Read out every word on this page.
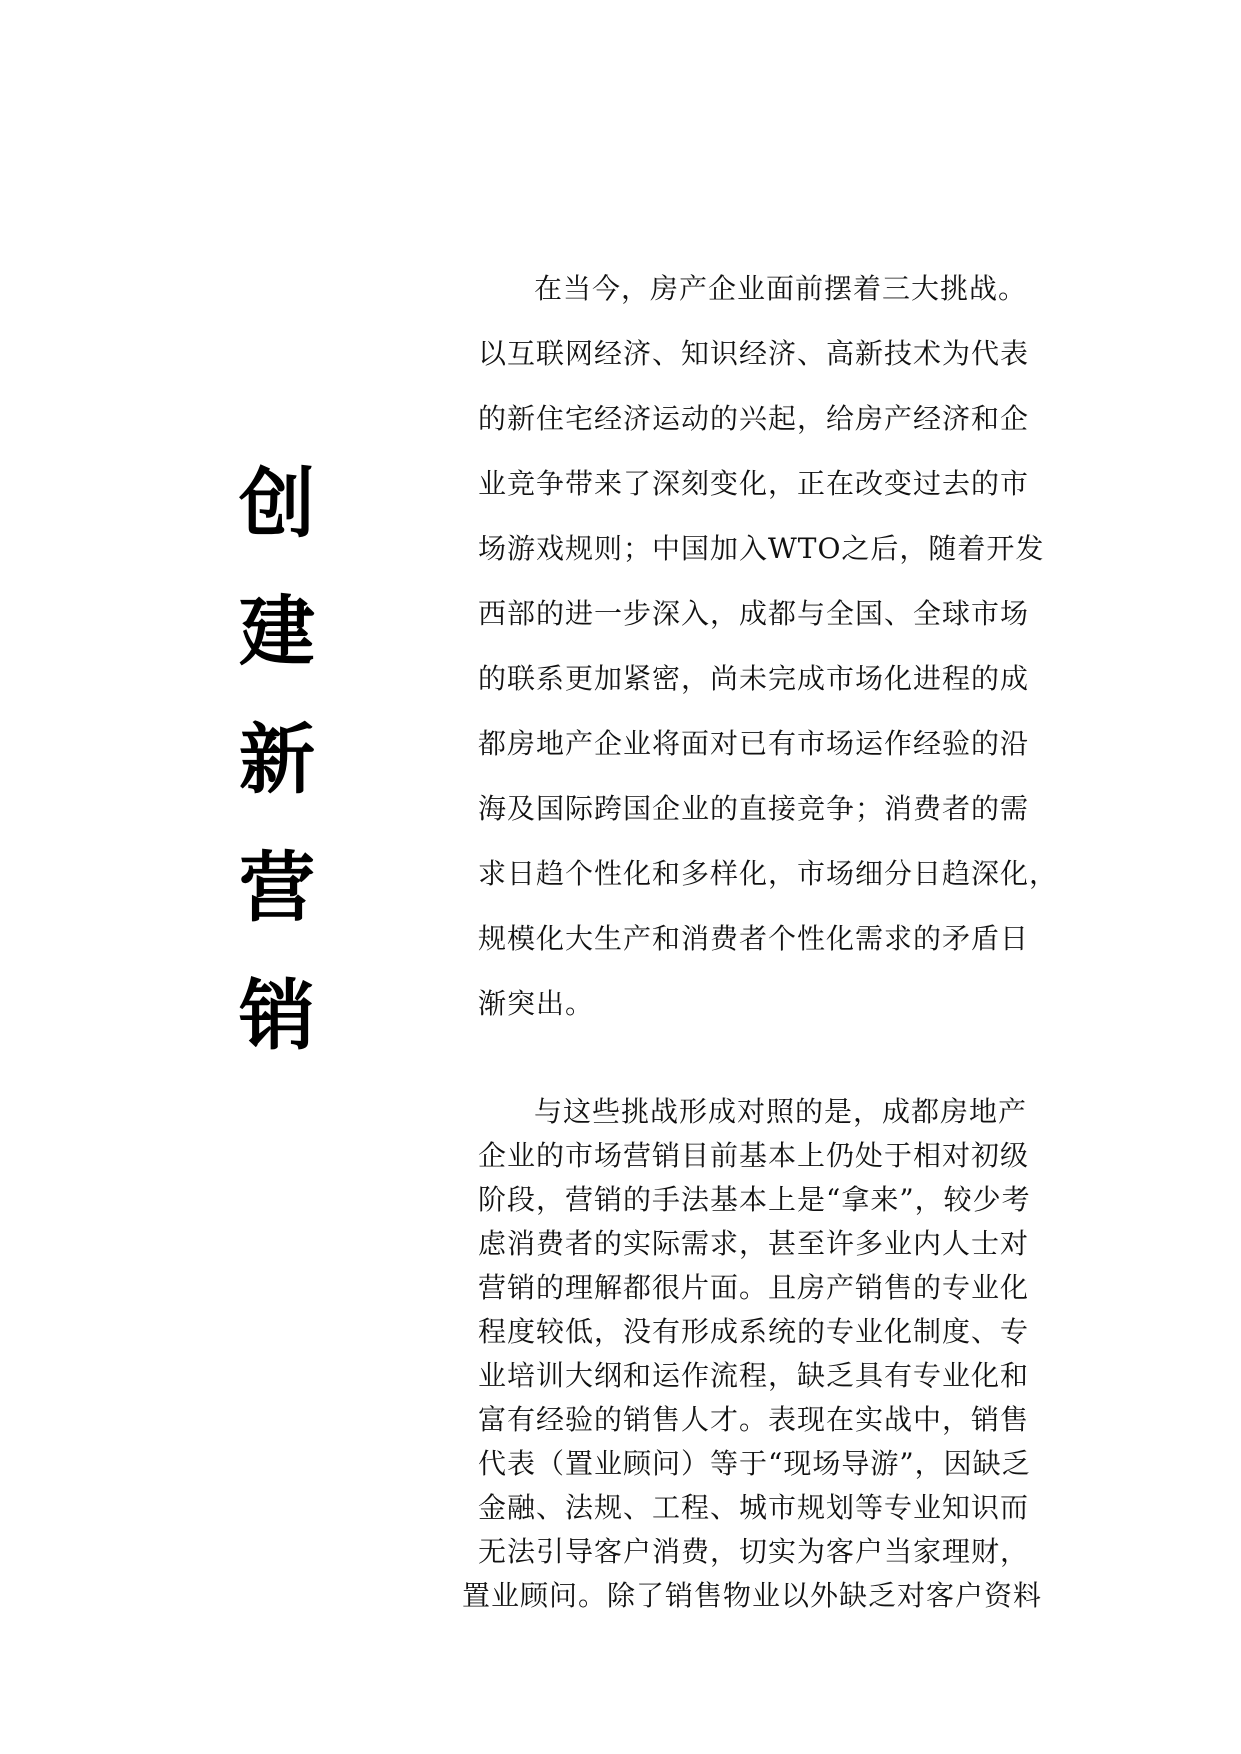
创
建
新
营
销
在当今，房产企业面前摆着三大挑战。
以互联网经济、知识经济、高新技术为代表
的新住宅经济运动的兴起，给房产经济和企
业竞争带来了深刻变化，正在改变过去的市
场游戏规则；中国加入WTO之后，随着开发
西部的进一步深入，成都与全国、全球市场
的联系更加紧密，尚未完成市场化进程的成
都房地产企业将面对已有市场运作经验的沿
海及国际跨国企业的直接竞争；消费者的需
求日趋个性化和多样化，市场细分日趋深化，
规模化大生产和消费者个性化需求的矛盾日
渐突出。
与这些挑战形成对照的是，成都房地产
企业的市场营销目前基本上仍处于相对初级
阶段，营销的手法基本上是“拿来”，较少考
虑消费者的实际需求，甚至许多业内人士对
营销的理解都很片面。且房产销售的专业化
程度较低，没有形成系统的专业化制度、专
业培训大纲和运作流程，缺乏具有专业化和
富有经验的销售人才。表现在实战中，销售
代表（置业顾问）等于“现场导游”，因缺乏
金融、法规、工程、城市规划等专业知识而
无法引导客户消费，切实为客户当家理财，
置业顾问。除了销售物业以外缺乏对客户资料
